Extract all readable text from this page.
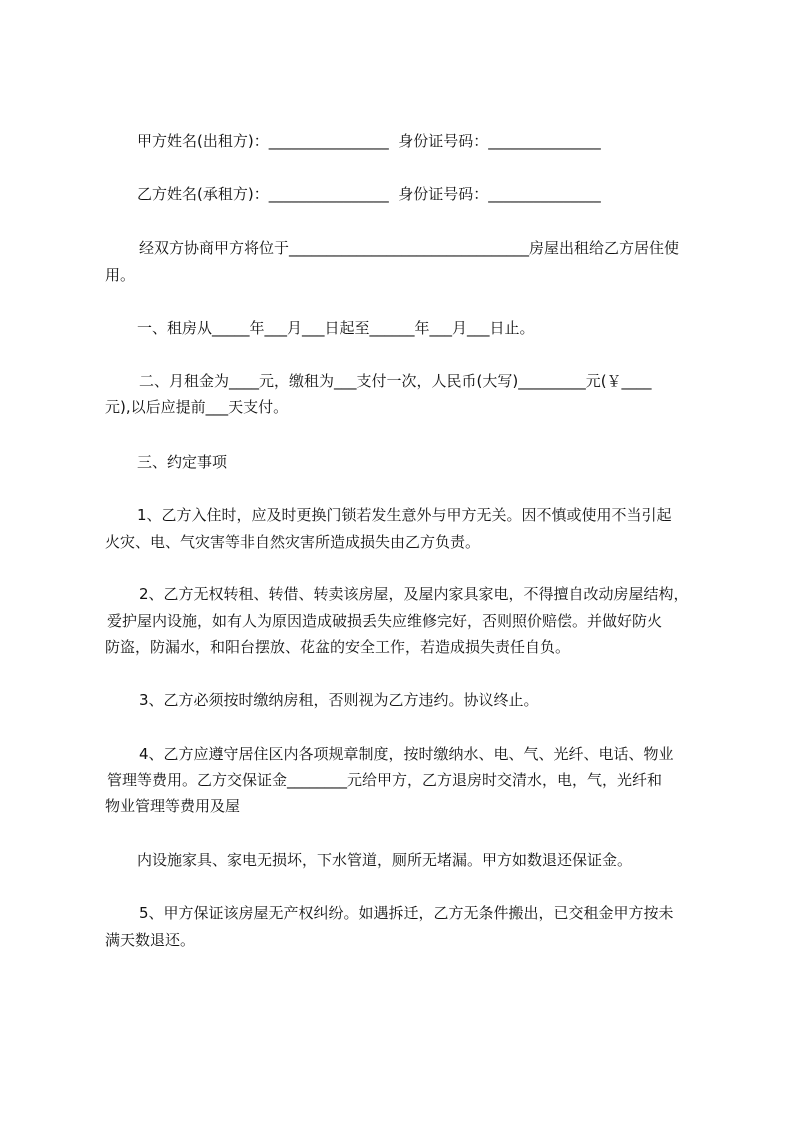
甲方姓名(出租方)：________________  身份证号码：_______________
乙方姓名(承租方)：________________  身份证号码：_______________
经双方协商甲方将位于________________________________房屋出租给乙方居住使
用。
一、租房从_____年___月___日起至______年___月___日止。
二、月租金为____元，缴租为___支付一次，人民币(大写)_________元(￥____
元),以后应提前___天支付。
三、约定事项
1、乙方入住时，应及时更换门锁若发生意外与甲方无关。因不慎或使用不当引起
火灾、电、气灾害等非自然灾害所造成损失由乙方负责。
2、乙方无权转租、转借、转卖该房屋，及屋内家具家电，不得擅自改动房屋结构，
爱护屋内设施，如有人为原因造成破损丢失应维修完好，否则照价赔偿。并做好防火
防盗，防漏水，和阳台摆放、花盆的安全工作，若造成损失责任自负。
3、乙方必须按时缴纳房租，否则视为乙方违约。协议终止。
4、乙方应遵守居住区内各项规章制度，按时缴纳水、电、气、光纤、电话、物业
管理等费用。乙方交保证金________元给甲方，乙方退房时交清水，电，气，光纤和
物业管理等费用及屋
内设施家具、家电无损坏，下水管道，厕所无堵漏。甲方如数退还保证金。
5、甲方保证该房屋无产权纠纷。如遇拆迁，乙方无条件搬出，已交租金甲方按未
满天数退还。
